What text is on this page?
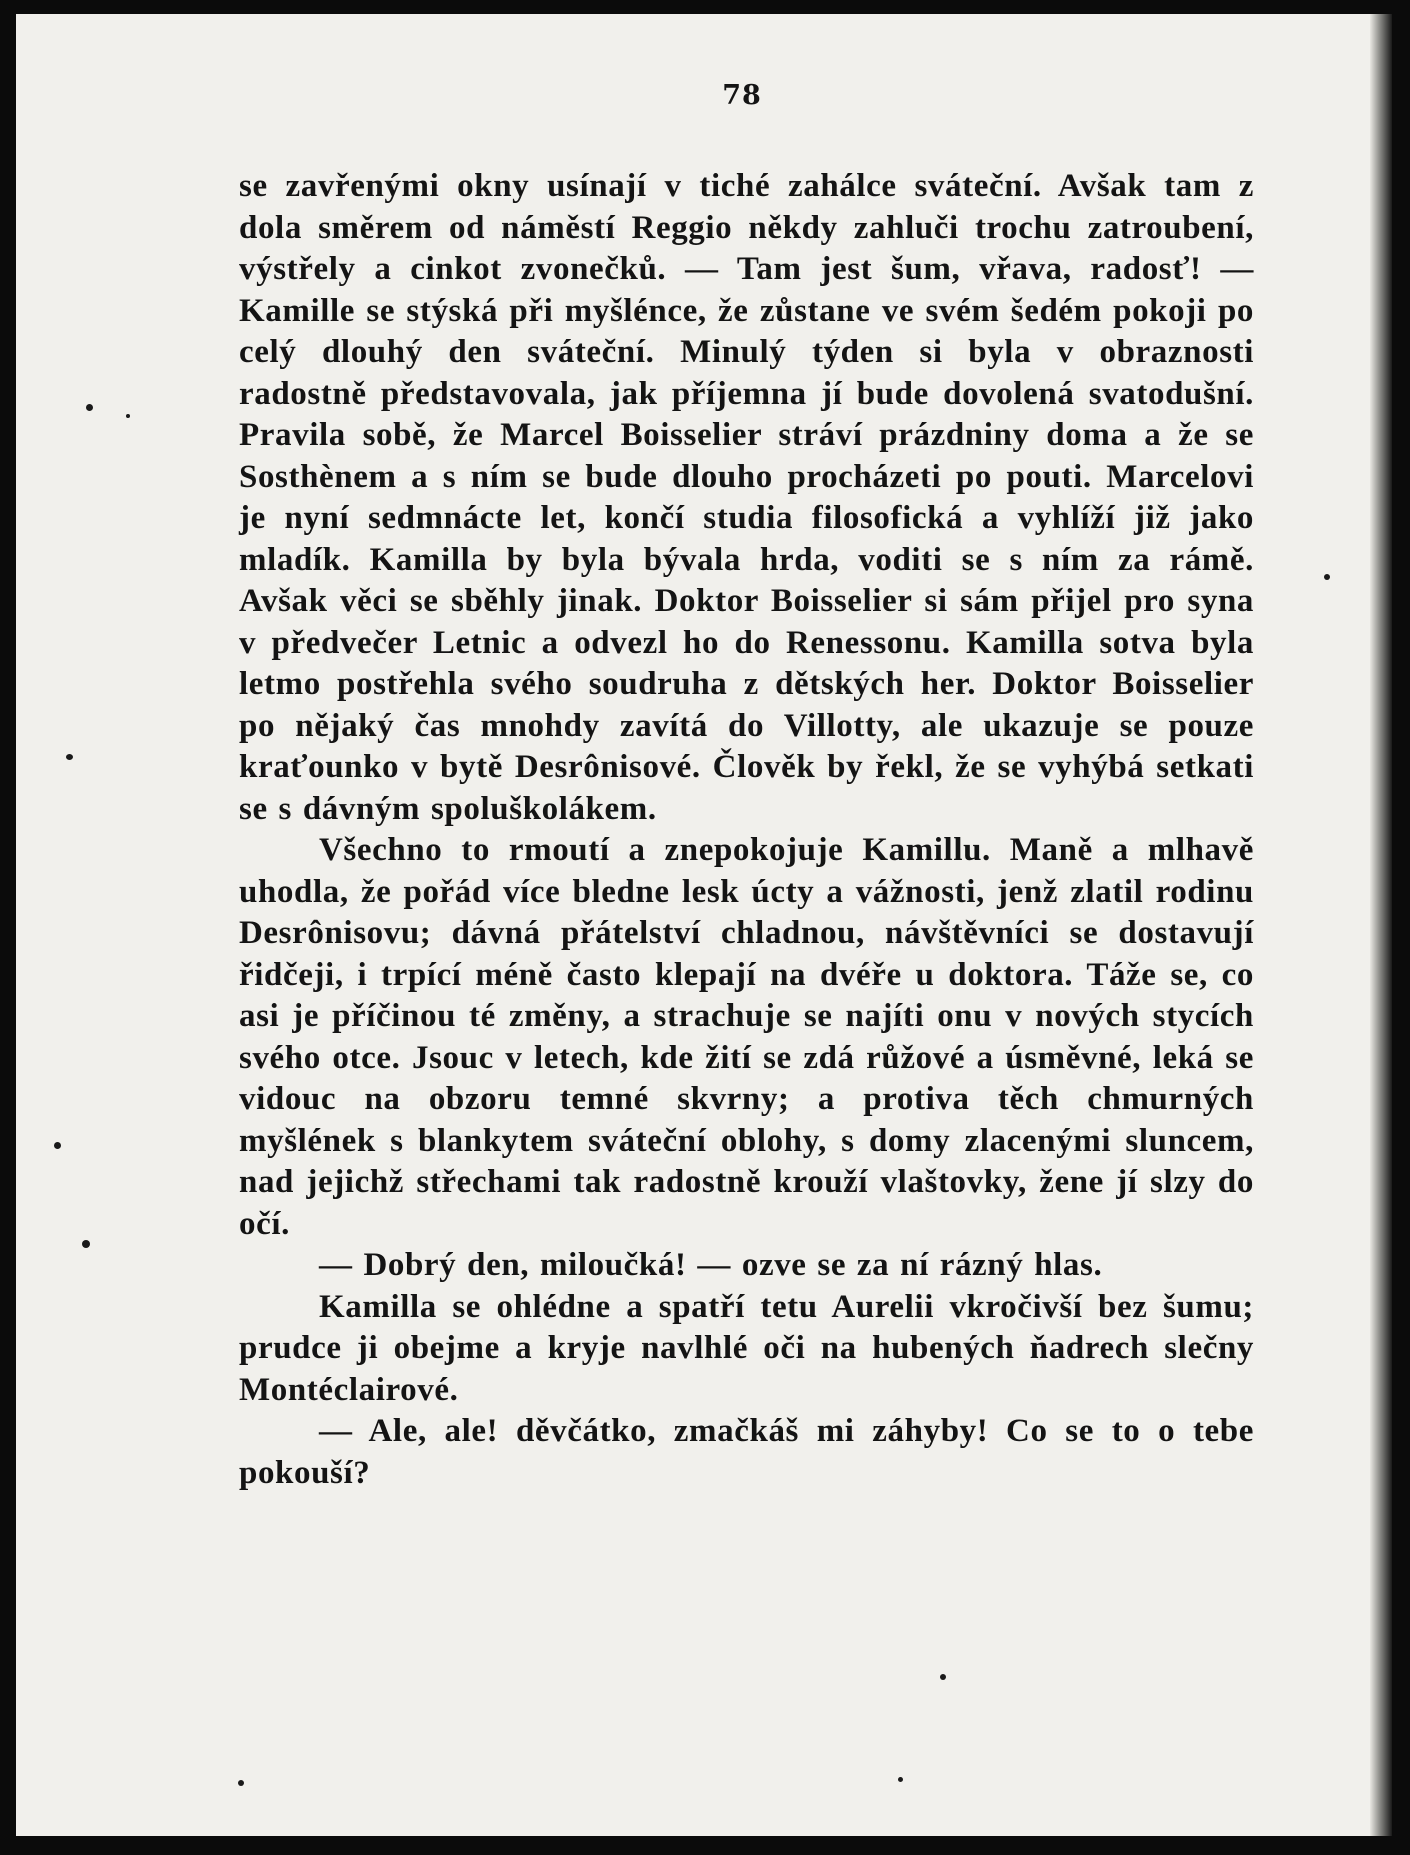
78

se zavřenými okny usínají v tiché zahálce sváteční. Avšak tam z dola směrem od náměstí Reggio někdy zahluči trochu zatroubení, výstřely a cinkot zvonečků. — Tam jest šum, vřava, radosť! — Kamille se stýská při myšlénce, že zůstane ve svém šedém pokoji po celý dlouhý den sváteční. Minulý týden si byla v obraznosti radostně představovala, jak příjemna jí bude dovolená svatodušní. Pravila sobě, že Marcel Boisselier stráví prázdniny doma a že se Sosthènem a s ním se bude dlouho procházeti po pouti. Marcelovi je nyní sedmnácte let, končí studia filosofická a vyhlíží již jako mladík. Kamilla by byla bývala hrda, voditi se s ním za rámě. Avšak věci se sběhly jinak. Doktor Boisselier si sám přijel pro syna v předvečer Letnic a odvezl ho do Renessonu. Kamilla sotva byla letmo postřehla svého soudruha z dětských her. Doktor Boisselier po nějaký čas mnohdy zavítá do Villotty, ale ukazuje se pouze kraťounko v bytě Desrônisové. Člověk by řekl, že se vyhýbá setkati se s dávným spoluškolákem.

Všechno to rmoutí a znepokojuje Kamillu. Maně a mlhavě uhodla, že pořád více bledne lesk úcty a vážnosti, jenž zlatil rodinu Desrônisovu; dávná přátelství chladnou, návštěvníci se dostavují řidčeji, i trpící méně často klepají na dvéře u doktora. Táže se, co asi je příčinou té změny, a strachuje se najíti onu v nových stycích svého otce. Jsouc v letech, kde žití se zdá růžové a úsměvné, leká se vidouc na obzoru temné skvrny; a protiva těch chmurných myšlének s blankytem sváteční oblohy, s domy zlacenými sluncem, nad jejichž střechami tak radostně krouží vlaštovky, žene jí slzy do očí.

— Dobrý den, miloučká! — ozve se za ní rázný hlas.

Kamilla se ohlédne a spatří tetu Aurelii vkročivší bez šumu; prudce ji obejme a kryje navlhlé oči na hubených ňadrech slečny Montéclairové.

— Ale, ale! děvčátko, zmačkáš mi záhyby! Co se to o tebe pokouší?
